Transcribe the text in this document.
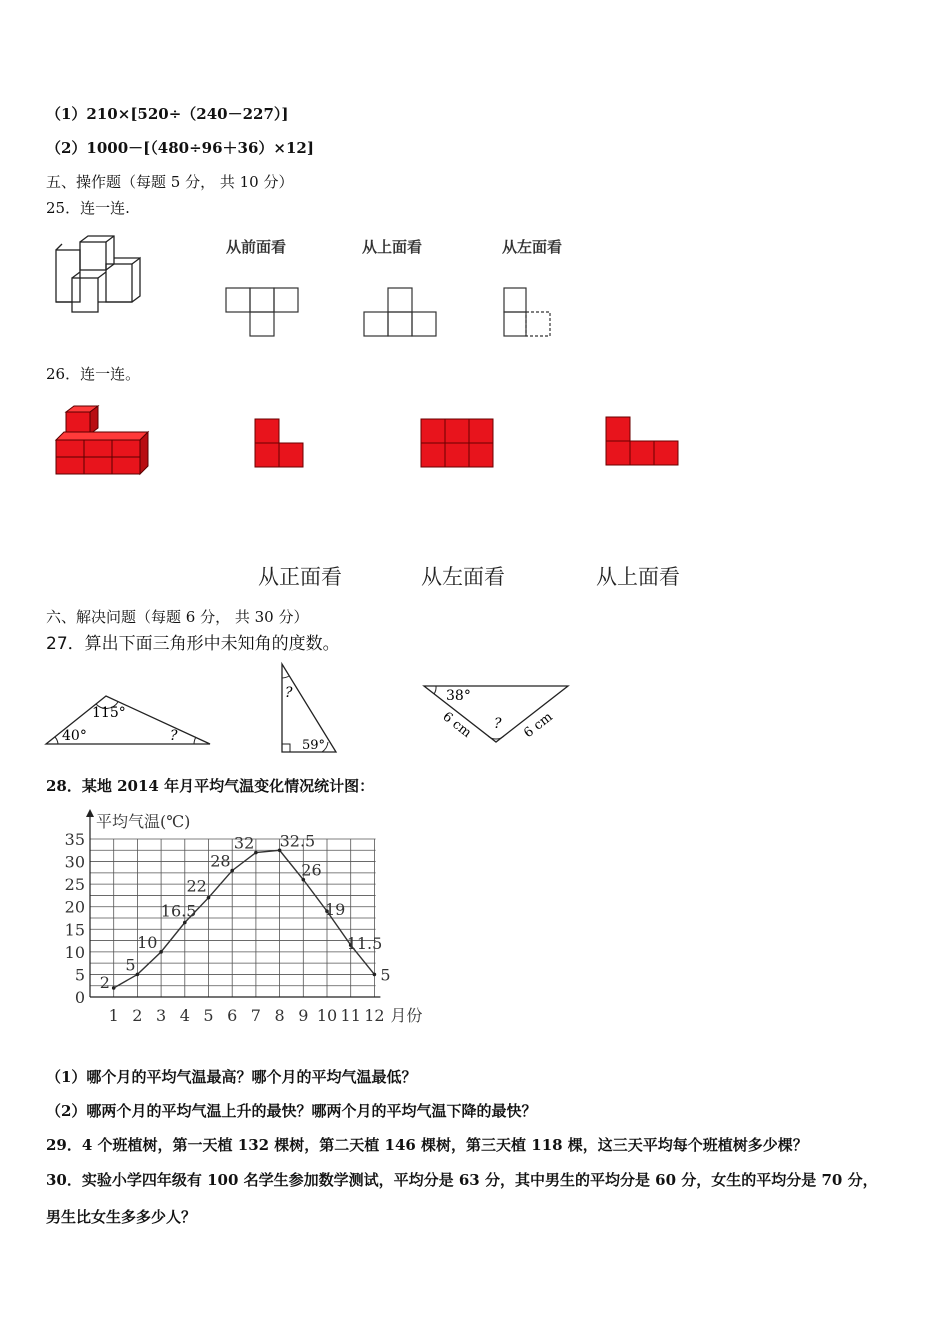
（1）210×[520÷（240－227）]
（2）1000－[（480÷96＋36）×12]
五、操作题（每题 5 分， 共 10 分）
25．连一连.
从前面看	从上面看	从左面看
26．连一连。
从正面看	从左面看	从上面看
六、解决问题（每题 6 分， 共 30 分）
27．算出下面三角形中未知角的度数。
115°
40°	?
?
59°
38°
?
6 cm	6 cm
28．某地 2014 年月平均气温变化情况统计图：
平均气温(℃)
月份
0
5
10
15
20
25
30
35
1 2 3 4 5 6 7 8 9 10 11 12
2
5
10
16.5
22
28
32 32.5
26
19
11.5
5
（1）哪个月的平均气温最高？哪个月的平均气温最低？
（2）哪两个月的平均气温上升的最快？哪两个月的平均气温下降的最快？
29．4 个班植树，第一天植 132 棵树，第二天植 146 棵树，第三天植 118 棵，这三天平均每个班植树多少棵？
30．实验小学四年级有 100 名学生参加数学测试，平均分是 63 分，其中男生的平均分是 60 分，女生的平均分是 70 分，
男生比女生多多少人？
